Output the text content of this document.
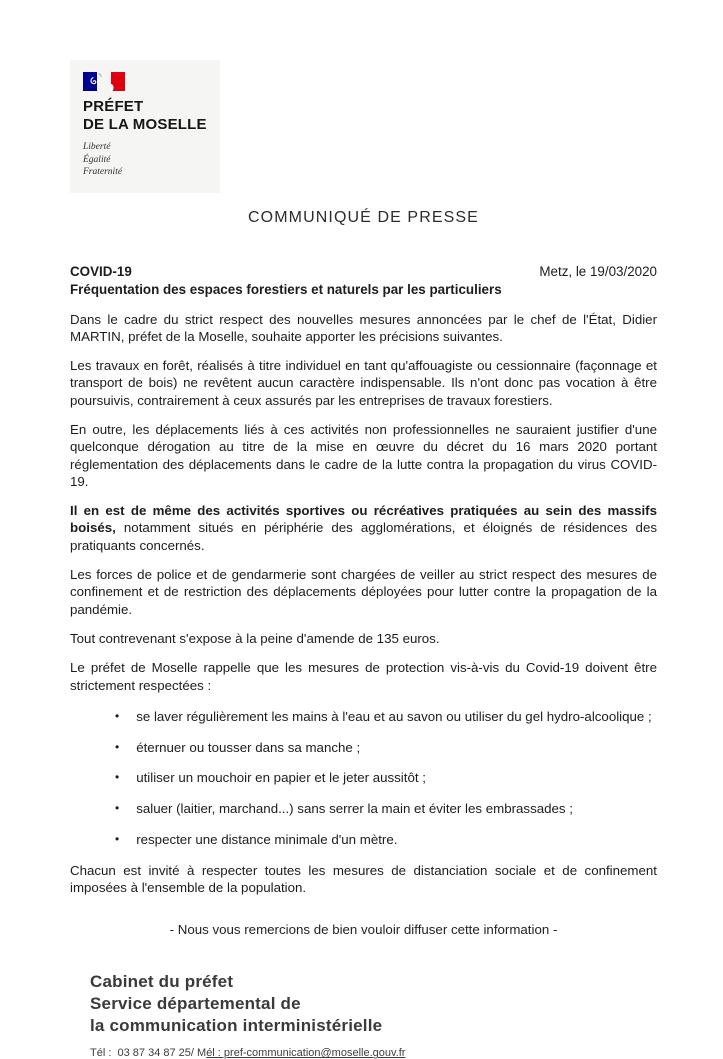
PRÉFET
DE LA MOSELLE
Liberté
Égalité
Fraternité
COMMUNIQUÉ DE PRESSE
COVID-19	Metz, le 19/03/2020
Fréquentation des espaces forestiers et naturels par les particuliers

Dans le cadre du strict respect des nouvelles mesures annoncées par le chef de l'État, Didier MARTIN, préfet de la Moselle, souhaite apporter les précisions suivantes.

Les travaux en forêt, réalisés à titre individuel en tant qu'affouagiste ou cessionnaire (façonnage et transport de bois) ne revêtent aucun caractère indispensable. Ils n'ont donc pas vocation à être poursuivis, contrairement à ceux assurés par les entreprises de travaux forestiers.

En outre, les déplacements liés à ces activités non professionnelles ne sauraient justifier d'une quelconque dérogation au titre de la mise en œuvre du décret du 16 mars 2020 portant réglementation des déplacements dans le cadre de la lutte contra la propagation du virus COVID-19.

Il en est de même des activités sportives ou récréatives pratiquées au sein des massifs boisés, notamment situés en périphérie des agglomérations, et éloignés de résidences des pratiquants concernés.

Les forces de police et de gendarmerie sont chargées de veiller au strict respect des mesures de confinement et de restriction des déplacements déployées pour lutter contre la propagation de la pandémie.

Tout contrevenant s'expose à la peine d'amende de 135 euros.

Le préfet de Moselle rappelle que les mesures de protection vis-à-vis du Covid-19 doivent être strictement respectées :

• se laver régulièrement les mains à l'eau et au savon ou utiliser du gel hydro-alcoolique ;
• éternuer ou tousser dans sa manche ;
• utiliser un mouchoir en papier et le jeter aussitôt ;
• saluer (laitier, marchand...) sans serrer la main et éviter les embrassades ;
• respecter une distance minimale d'un mètre.

Chacun est invité à respecter toutes les mesures de distanciation sociale et de confinement imposées à l'ensemble de la population.

- Nous vous remercions de bien vouloir diffuser cette information -
Cabinet du préfet
Service départemental de
la communication interministérielle
Tél :  03 87 34 87 25/ Mél : pref-communication@moselle.gouv.fr
